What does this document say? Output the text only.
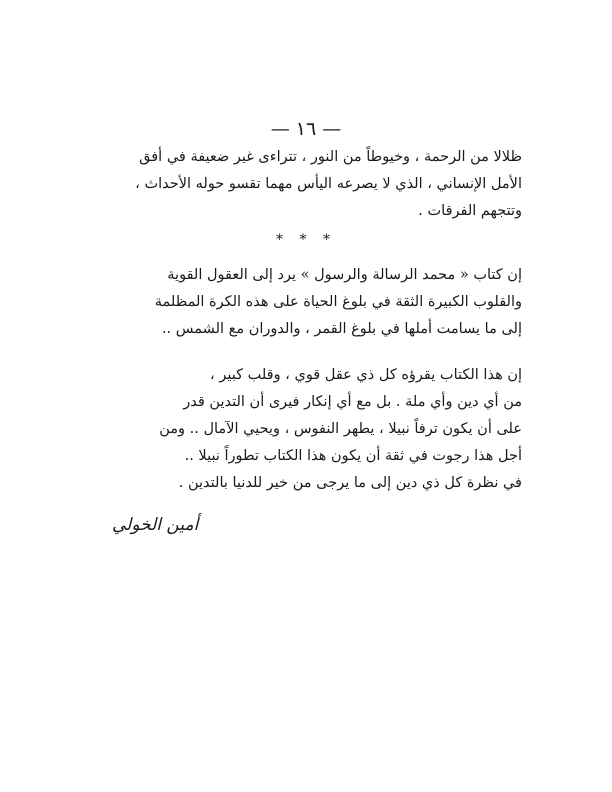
— ١٦ —
ظلالا من الرحمة ، وخيوطاً من النور ، تتراءى غير ضعيفة في أفق
الأمل الإنساني ، الذي لا يصرعه اليأس مهما تقسو حوله الأحداث ،
وتتجهم الفرقات .
* * *
إن كتاب « محمد الرسالة والرسول » يرد إلى العقول القوية
والقلوب الكبيرة الثقة في بلوغ الحياة على هذه الكرة المظلمة
إلى ما يسامت أملها في بلوغ القمر ، والدوران مع الشمس ..
إن هذا الكتاب يقرؤه كل ذي عقل قوي ، وقلب كبير ،
من أي دين وأي ملة . بل مع أي إنكار فيرى أن التدين قدر
على أن يكون ترفاً نبيلا ، يطهر النفوس ، ويحيي الآمال .. ومن
أجل هذا رجوت في ثقة أن يكون هذا الكتاب تطوراً نبيلا ..
في نظرة كل ذي دين إلى ما يرجى من خير للدنيا بالتدين .
أمين الخولي
